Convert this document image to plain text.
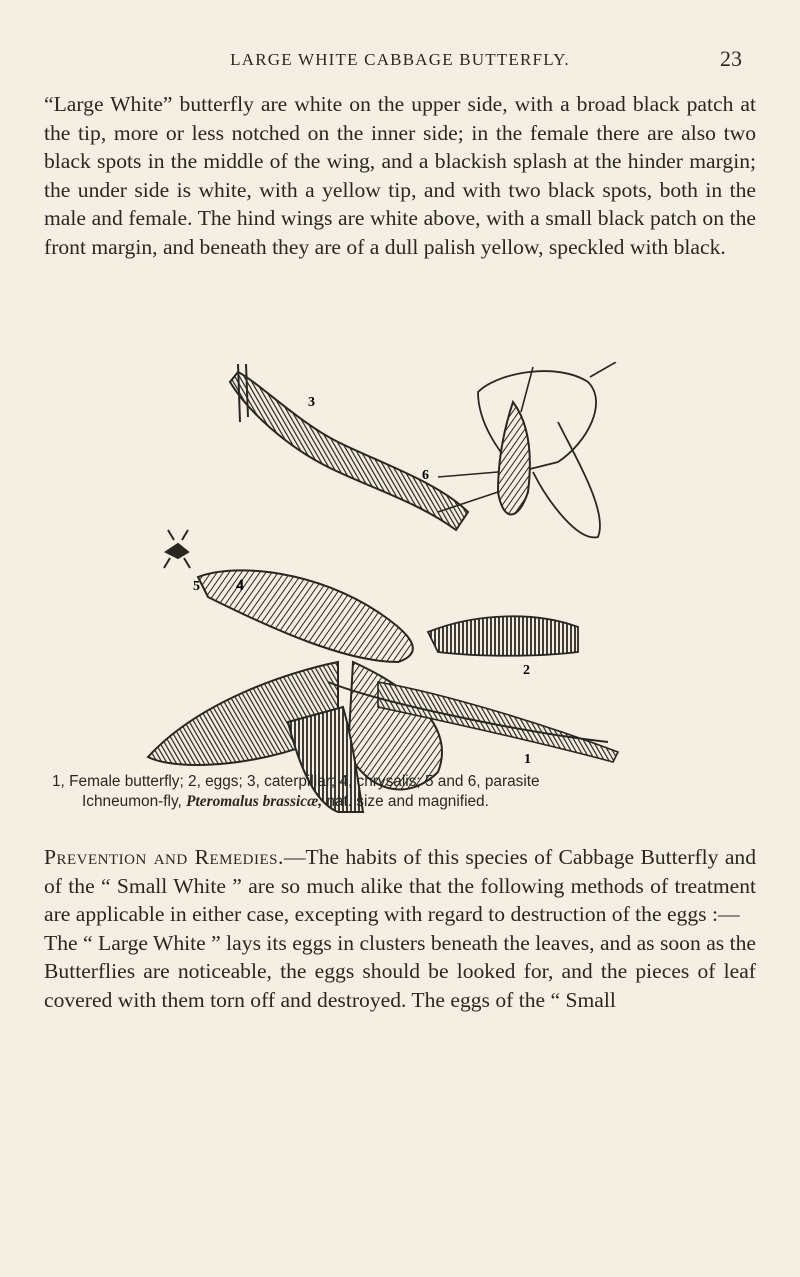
LARGE WHITE CABBAGE BUTTERFLY.	23

“Large White” butterfly are white on the upper side, with a broad black patch at the tip, more or less notched on the inner side; in the female there are also two black spots in the middle of the wing, and a blackish splash at the hinder margin; the under side is white, with a yellow tip, and with two black spots, both in the male and female. The hind wings are white above, with a small black patch on the front margin, and beneath they are of a dull palish yellow, speckled with black.

3
6
5 4
2
1
1, Female butterfly; 2, eggs; 3, caterpillar; 4, chrysalis; 5 and 6, parasite
Ichneumon-fly, Pteromalus brassicæ, nat. size and magnified.

Prevention and Remedies.—The habits of this species of Cabbage Butterfly and of the “ Small White ” are so much alike that the following methods of treatment are applicable in either case, excepting with regard to destruction of the eggs :—
The “ Large White ” lays its eggs in clusters beneath the leaves, and as soon as the Butterflies are noticeable, the eggs should be looked for, and the pieces of leaf covered with them torn off and destroyed. The eggs of the “ Small
